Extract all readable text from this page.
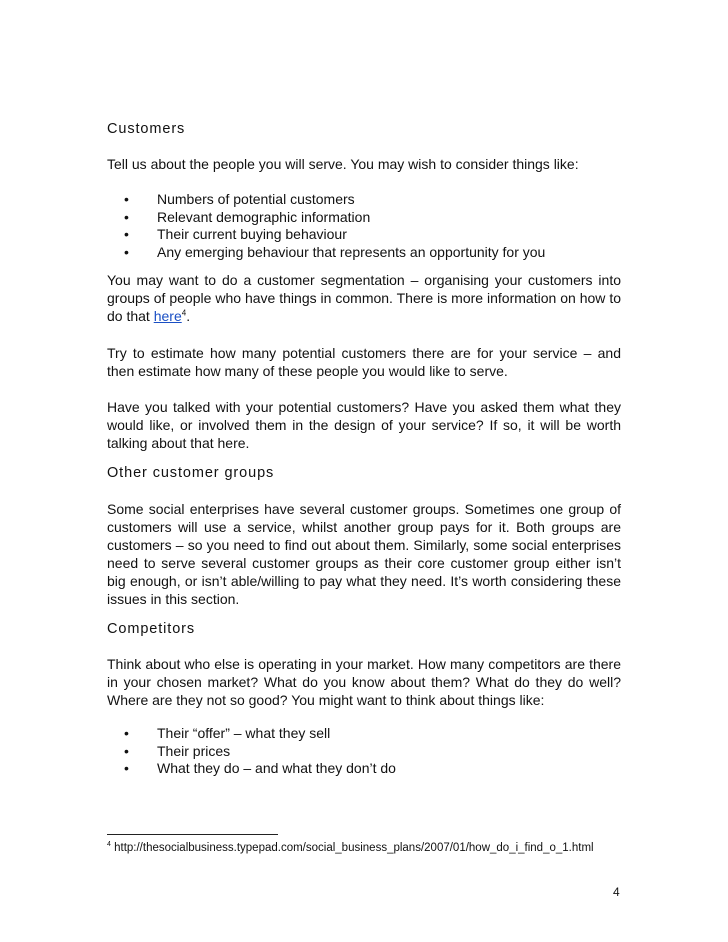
Customers

Tell us about the people you will serve. You may wish to consider things like:

• Numbers of potential customers
• Relevant demographic information
• Their current buying behaviour
• Any emerging behaviour that represents an opportunity for you

You may want to do a customer segmentation – organising your customers into groups of people who have things in common. There is more information on how to do that here$^4$.

Try to estimate how many potential customers there are for your service – and then estimate how many of these people you would like to serve.

Have you talked with your potential customers? Have you asked them what they would like, or involved them in the design of your service? If so, it will be worth talking about that here.

Other customer groups

Some social enterprises have several customer groups. Sometimes one group of customers will use a service, whilst another group pays for it. Both groups are customers – so you need to find out about them. Similarly, some social enterprises need to serve several customer groups as their core customer group either isn’t big enough, or isn’t able/willing to pay what they need. It’s worth considering these issues in this section.

Competitors

Think about who else is operating in your market. How many competitors are there in your chosen market? What do you know about them? What do they do well? Where are they not so good? You might want to think about things like:

• Their “offer” – what they sell
• Their prices
• What they do – and what they don’t do

$^4$ http://thesocialbusiness.typepad.com/social_business_plans/2007/01/how_do_i_find_o_1.html

4
